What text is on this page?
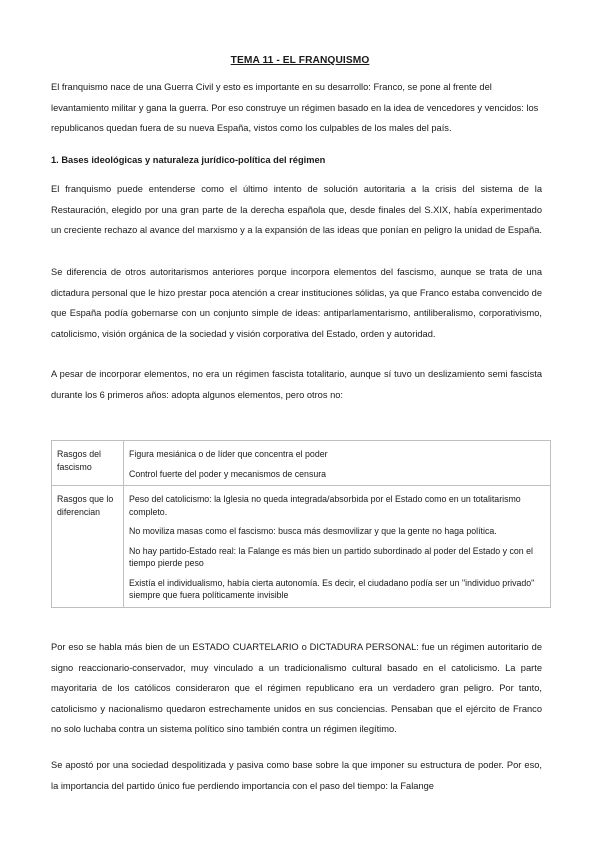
TEMA 11 - EL FRANQUISMO

El franquismo nace de una Guerra Civil y esto es importante en su desarrollo: Franco, se pone al frente del levantamiento militar y gana la guerra. Por eso construye un régimen basado en la idea de vencedores y vencidos: los republicanos quedan fuera de su nueva España, vistos como los culpables de los males del país.

1. Bases ideológicas y naturaleza jurídico-política del régimen

El franquismo puede entenderse como el último intento de solución autoritaria a la crisis del sistema de la Restauración, elegido por una gran parte de la derecha española que, desde finales del S.XIX, había experimentado un creciente rechazo al avance del marxismo y a la expansión de las ideas que ponían en peligro la unidad de España.

Se diferencia de otros autoritarismos anteriores porque incorpora elementos del fascismo, aunque se trata de una dictadura personal que le hizo prestar poca atención a crear instituciones sólidas, ya que Franco estaba convencido de que España podía gobernarse con un conjunto simple de ideas: antiparlamentarismo, antiliberalismo, corporativismo, catolicismo, visión orgánica de la sociedad y visión corporativa del Estado, orden y autoridad.

A pesar de incorporar elementos, no era un régimen fascista totalitario, aunque sí tuvo un deslizamiento semi fascista durante los 6 primeros años: adopta algunos elementos, pero otros no:

Rasgos del fascismo	Figura mesiánica o de líder que concentra el poder
Control fuerte del poder y mecanismos de censura

Rasgos que lo diferencian	Peso del catolicismo: la Iglesia no queda integrada/absorbida por el Estado como en un totalitarismo completo.
No moviliza masas como el fascismo: busca más desmovilizar y que la gente no haga política.
No hay partido-Estado real: la Falange es más bien un partido subordinado al poder del Estado y con el tiempo pierde peso
Existía el individualismo, había cierta autonomía. Es decir, el ciudadano podía ser un "individuo privado" siempre que fuera políticamente invisible

Por eso se habla más bien de un ESTADO CUARTELARIO o DICTADURA PERSONAL: fue un régimen autoritario de signo reaccionario-conservador, muy vinculado a un tradicionalismo cultural basado en el catolicismo. La parte mayoritaria de los católicos consideraron que el régimen republicano era un verdadero gran peligro. Por tanto, catolicismo y nacionalismo quedaron estrechamente unidos en sus conciencias. Pensaban que el ejército de Franco no solo luchaba contra un sistema político sino también contra un régimen ilegítimo.

Se apostó por una sociedad despolitizada y pasiva como base sobre la que imponer su estructura de poder. Por eso, la importancia del partido único fue perdiendo importancia con el paso del tiempo: la Falange
